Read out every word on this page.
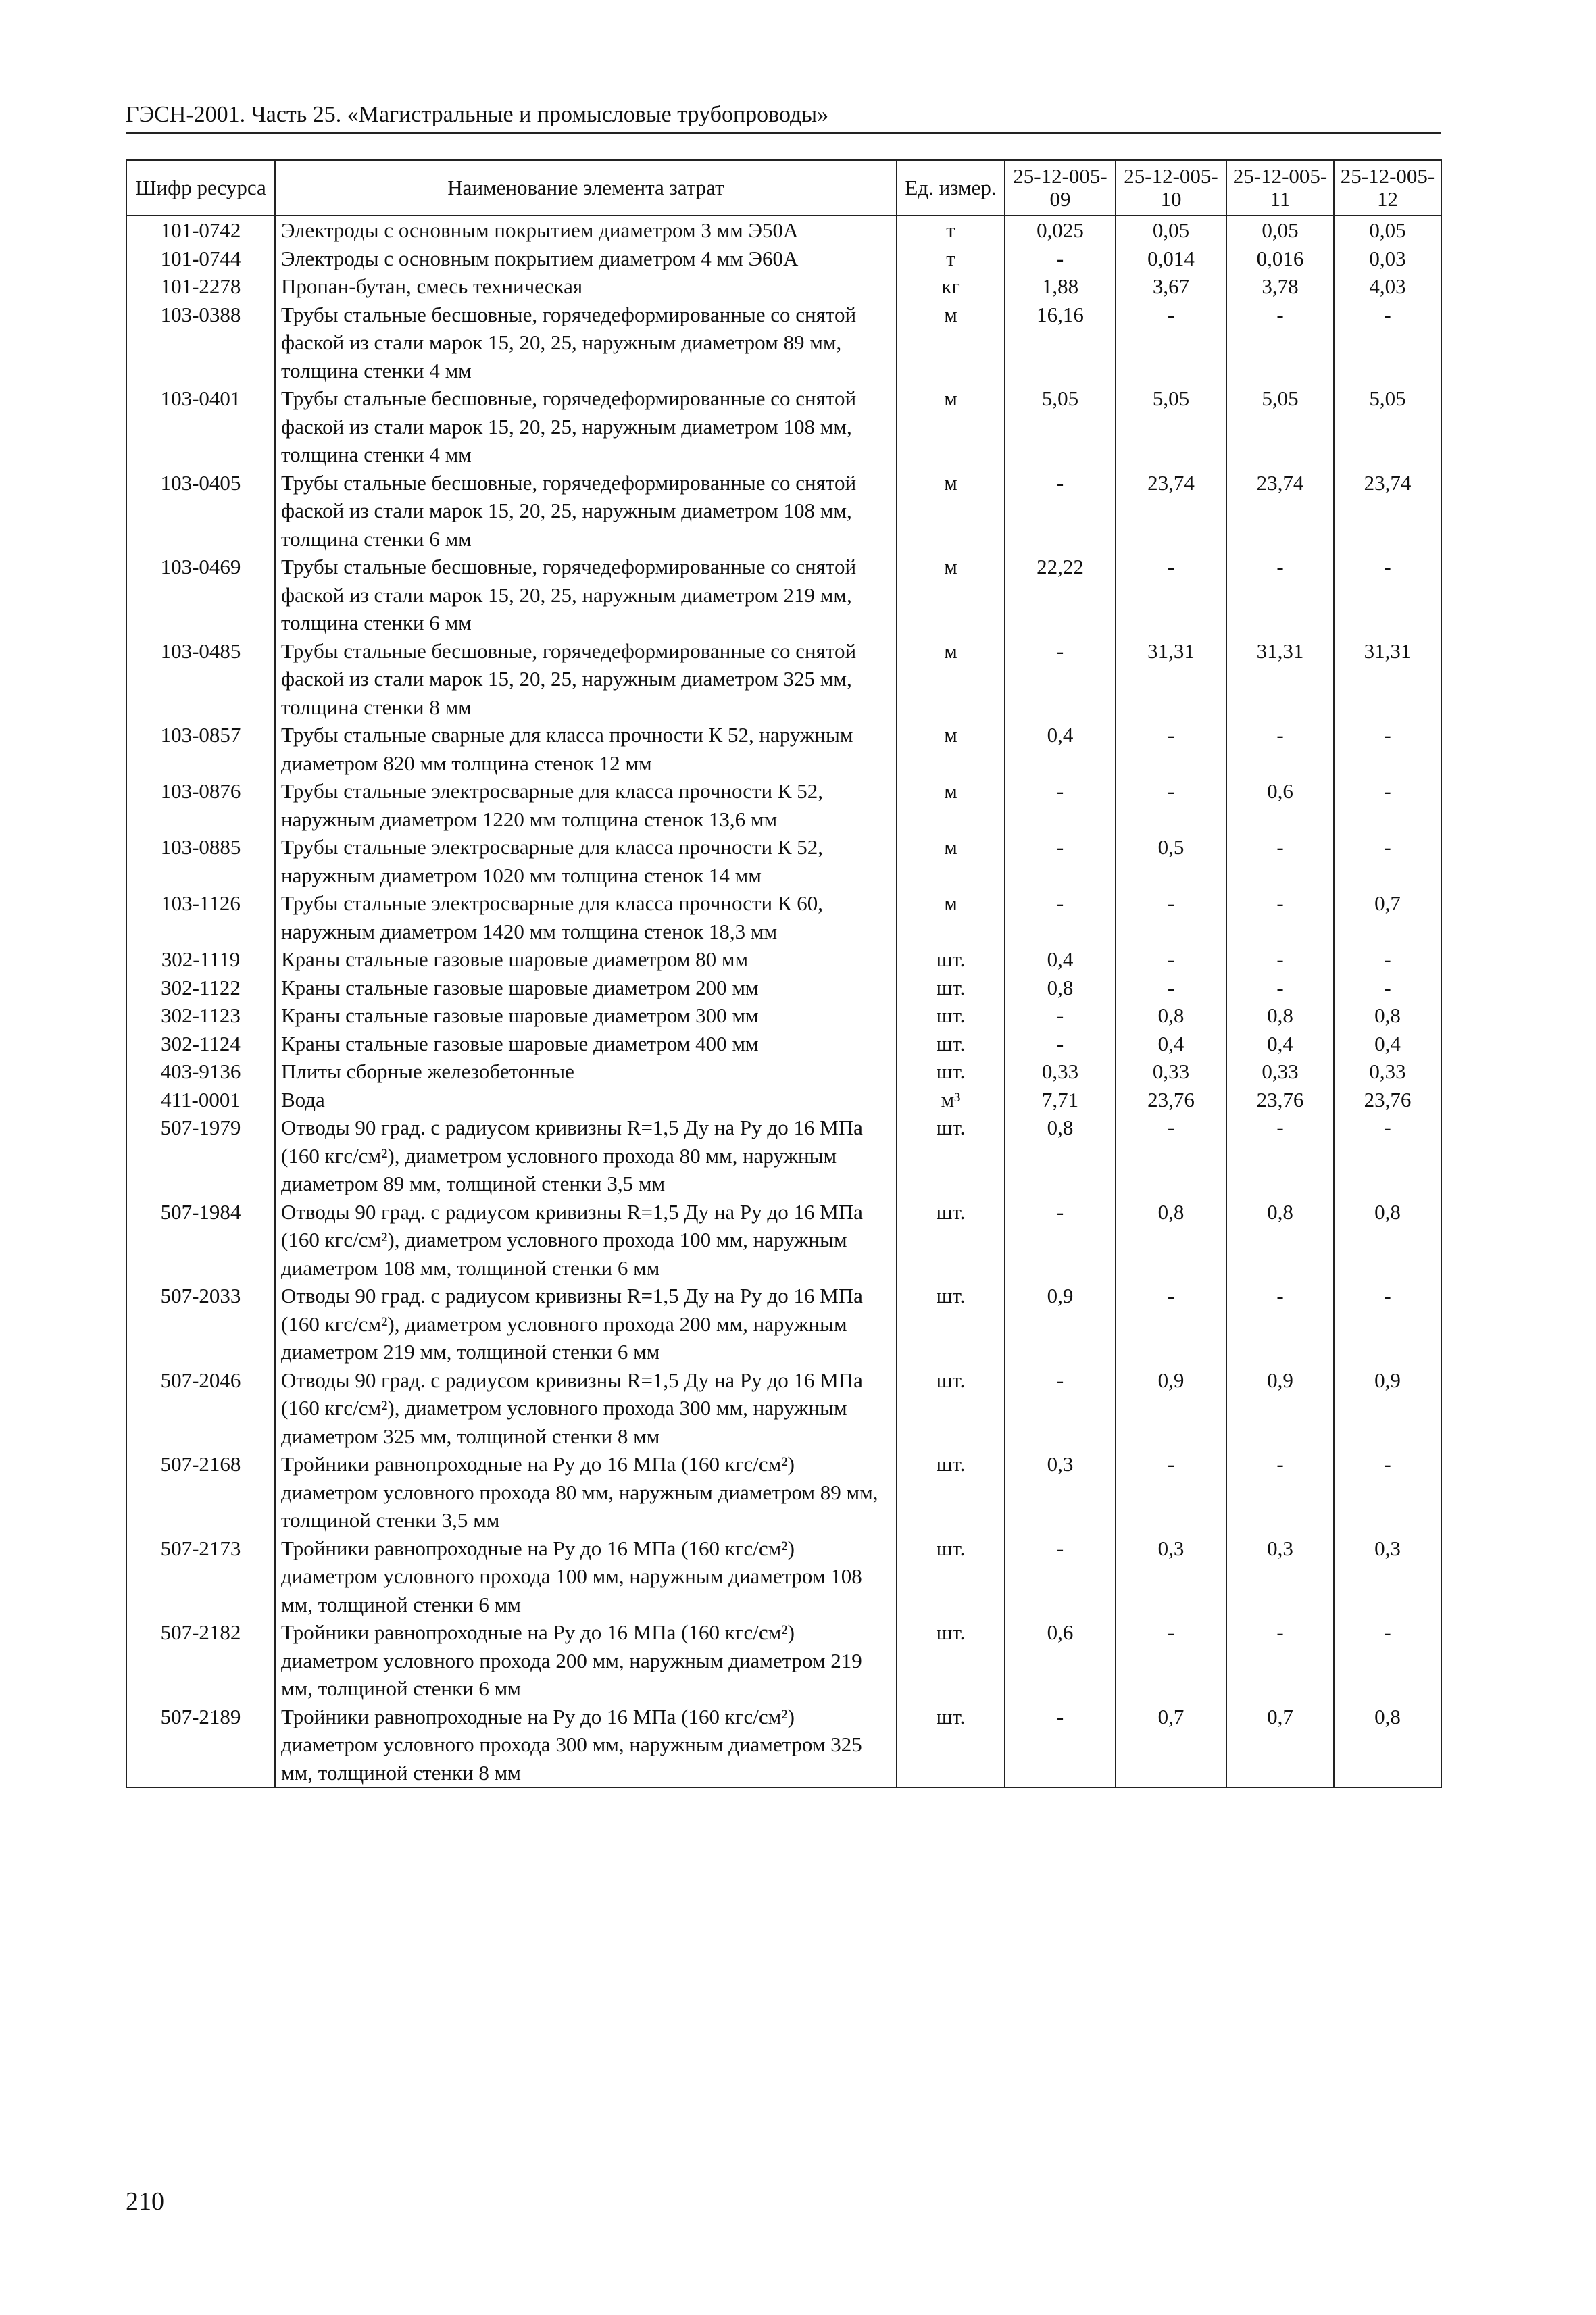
ГЭСН-2001. Часть 25. «Магистральные и промысловые трубопроводы»
Шифр ресурса	Наименование элемента затрат	Ед. измер.	25-12-005-09	25-12-005-10	25-12-005-11	25-12-005-12
101-0742	Электроды с основным покрытием диаметром 3 мм Э50А	т	0,025	0,05	0,05	0,05
101-0744	Электроды с основным покрытием диаметром 4 мм Э60А	т	-	0,014	0,016	0,03
101-2278	Пропан-бутан, смесь техническая	кг	1,88	3,67	3,78	4,03
103-0388	Трубы стальные бесшовные, горячедеформированные со снятой фаской из стали марок 15, 20, 25, наружным диаметром 89 мм, толщина стенки 4 мм	м	16,16	-	-	-
103-0401	Трубы стальные бесшовные, горячедеформированные со снятой фаской из стали марок 15, 20, 25, наружным диаметром 108 мм, толщина стенки 4 мм	м	5,05	5,05	5,05	5,05
103-0405	Трубы стальные бесшовные, горячедеформированные со снятой фаской из стали марок 15, 20, 25, наружным диаметром 108 мм, толщина стенки 6 мм	м	-	23,74	23,74	23,74
103-0469	Трубы стальные бесшовные, горячедеформированные со снятой фаской из стали марок 15, 20, 25, наружным диаметром 219 мм, толщина стенки 6 мм	м	22,22	-	-	-
103-0485	Трубы стальные бесшовные, горячедеформированные со снятой фаской из стали марок 15, 20, 25, наружным диаметром 325 мм, толщина стенки 8 мм	м	-	31,31	31,31	31,31
103-0857	Трубы стальные сварные для класса прочности К 52, наружным диаметром 820 мм толщина стенок 12 мм	м	0,4	-	-	-
103-0876	Трубы стальные электросварные для класса прочности К 52, наружным диаметром 1220 мм толщина стенок 13,6 мм	м	-	-	0,6	-
103-0885	Трубы стальные электросварные для класса прочности К 52, наружным диаметром 1020 мм толщина стенок 14 мм	м	-	0,5	-	-
103-1126	Трубы стальные электросварные для класса прочности К 60, наружным диаметром 1420 мм толщина стенок 18,3 мм	м	-	-	-	0,7
302-1119	Краны стальные газовые шаровые диаметром 80 мм	шт.	0,4	-	-	-
302-1122	Краны стальные газовые шаровые диаметром 200 мм	шт.	0,8	-	-	-
302-1123	Краны стальные газовые шаровые диаметром 300 мм	шт.	-	0,8	0,8	0,8
302-1124	Краны стальные газовые шаровые диаметром 400 мм	шт.	-	0,4	0,4	0,4
403-9136	Плиты сборные железобетонные	шт.	0,33	0,33	0,33	0,33
411-0001	Вода	м³	7,71	23,76	23,76	23,76
507-1979	Отводы 90 град. с радиусом кривизны R=1,5 Ду на Ру до 16 МПа (160 кгс/см²), диаметром условного прохода 80 мм, наружным диаметром 89 мм, толщиной стенки 3,5 мм	шт.	0,8	-	-	-
507-1984	Отводы 90 град. с радиусом кривизны R=1,5 Ду на Ру до 16 МПа (160 кгс/см²), диаметром условного прохода 100 мм, наружным диаметром 108 мм, толщиной стенки 6 мм	шт.	-	0,8	0,8	0,8
507-2033	Отводы 90 град. с радиусом кривизны R=1,5 Ду на Ру до 16 МПа (160 кгс/см²), диаметром условного прохода 200 мм, наружным диаметром 219 мм, толщиной стенки 6 мм	шт.	0,9	-	-	-
507-2046	Отводы 90 град. с радиусом кривизны R=1,5 Ду на Ру до 16 МПа (160 кгс/см²), диаметром условного прохода 300 мм, наружным диаметром 325 мм, толщиной стенки 8 мм	шт.	-	0,9	0,9	0,9
507-2168	Тройники равнопроходные на Ру до 16 МПа (160 кгс/см²) диаметром условного прохода 80 мм, наружным диаметром 89 мм, толщиной стенки 3,5 мм	шт.	0,3	-	-	-
507-2173	Тройники равнопроходные на Ру до 16 МПа (160 кгс/см²) диаметром условного прохода 100 мм, наружным диаметром 108 мм, толщиной стенки 6 мм	шт.	-	0,3	0,3	0,3
507-2182	Тройники равнопроходные на Ру до 16 МПа (160 кгс/см²) диаметром условного прохода 200 мм, наружным диаметром 219 мм, толщиной стенки 6 мм	шт.	0,6	-	-	-
507-2189	Тройники равнопроходные на Ру до 16 МПа (160 кгс/см²) диаметром условного прохода 300 мм, наружным диаметром 325 мм, толщиной стенки 8 мм	шт.	-	0,7	0,7	0,8
210
